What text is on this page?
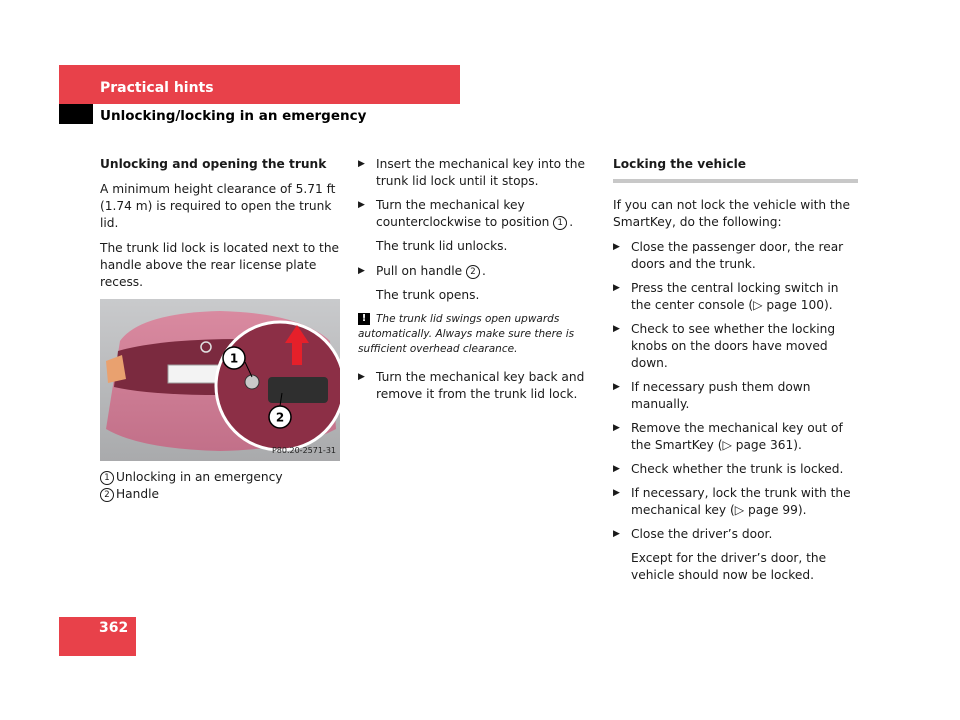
Practical hints
Unlocking/locking in an emergency

Unlocking and opening the trunk

A minimum height clearance of 5.71 ft (1.74 m) is required to open the trunk lid.

The trunk lid lock is located next to the handle above the rear license plate recess.

1
2
P80.20-2571-31
1 Unlocking in an emergency
2 Handle
▶ Insert the mechanical key into the trunk lid lock until it stops.
▶ Turn the mechanical key counterclockwise to position 1 .

The trunk lid unlocks.

▶ Pull on handle 2 .

The trunk opens.

! The trunk lid swings open upwards automatically. Always make sure there is sufficient overhead clearance.
▶ Turn the mechanical key back and remove it from the trunk lid lock.
Locking the vehicle

If you can not lock the vehicle with the SmartKey, do the following:

▶ Close the passenger door, the rear doors and the trunk.
▶ Press the central locking switch in the center console (▷ page 100).
▶ Check to see whether the locking knobs on the doors have moved down.
▶ If necessary push them down manually.
▶ Remove the mechanical key out of the SmartKey (▷ page 361).
▶ Check whether the trunk is locked.
▶ If necessary, lock the trunk with the mechanical key (▷ page 99).
▶ Close the driver’s door.

Except for the driver’s door, the vehicle should now be locked.

362
